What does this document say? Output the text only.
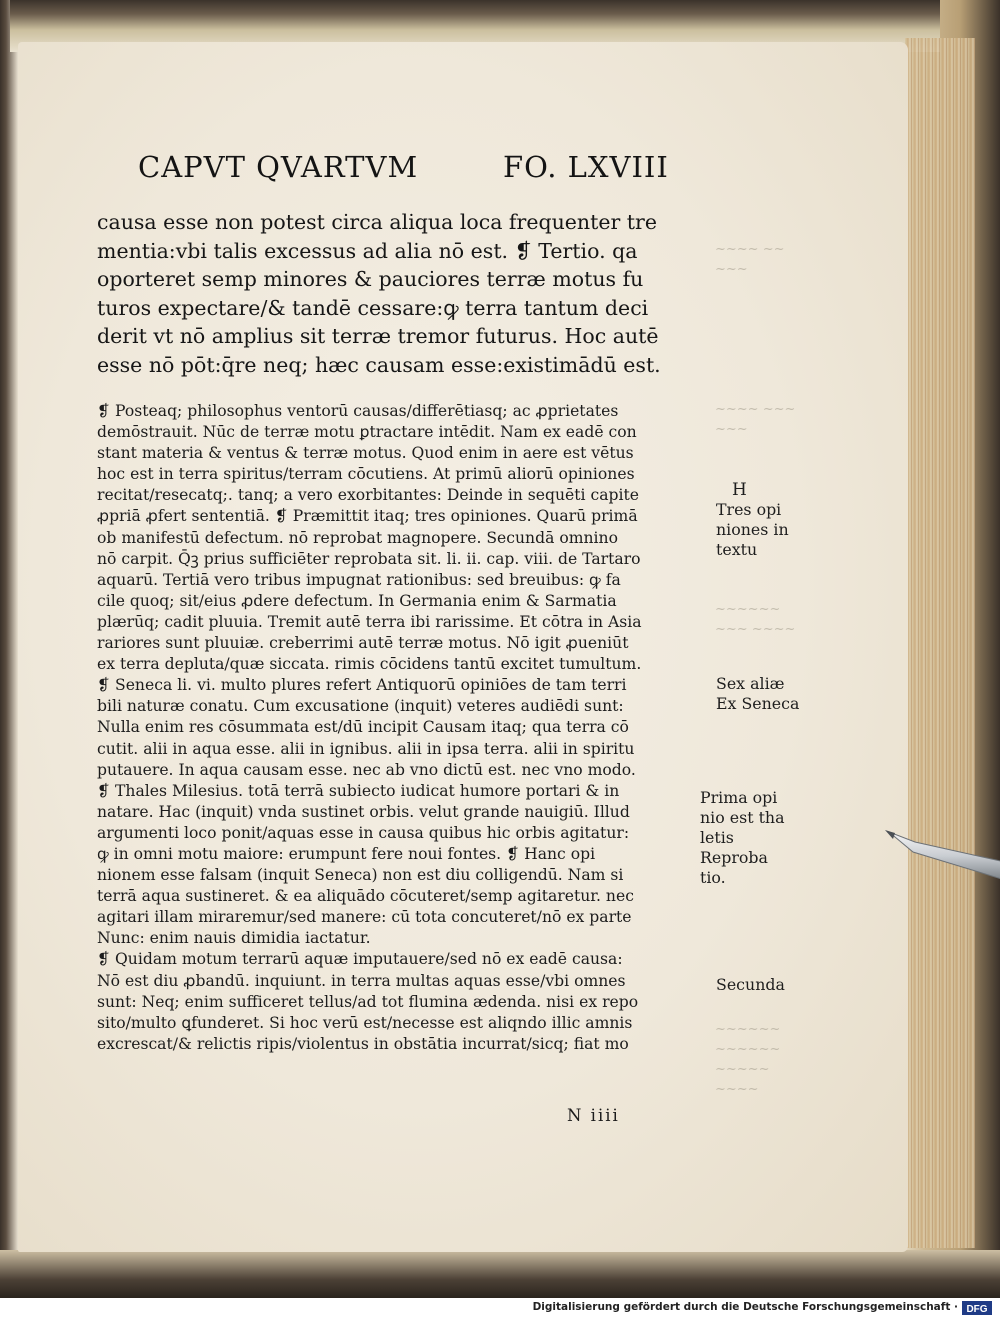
CAPVT QVARTVM	FO. LXVIII
causa esse non potest circa aliqua loca frequenter tre
mentia:vbi talis excessus ad alia nō est. ❡ Tertio. qa
oporteret semp minores & pauciores terræ motus fu
turos expectare/& tandē cessare:ꝙ terra tantum deci
derit vt nō amplius sit terræ tremor futurus. Hoc autē
esse nō pōt:q̄re neq; hæc causam esse:existimādū est.
❡ Posteaq; philosophus ventorū causas/differētiasq; ac ꝓprietates
demōstrauit. Nūc de terræ motu ꝑtractare intēdit. Nam ex eadē con
stant materia & ventus & terræ motus. Quod enim in aere est vētus
hoc est in terra spiritus/terram cōcutiens. At primū aliorū opiniones
recitat/resecatq;. tanq; a vero exorbitantes: Deinde in sequēti capite
ꝓpriā ꝓfert sententiā. ❡ Præmittit itaq; tres opiniones. Quarū primā
ob manifestū defectum. nō reprobat magnopere. Secundā omnino
nō carpit. Q̄ꝫ prius sufficiēter reprobata sit. li. ii. cap. viii. de Tartaro
aquarū. Tertiā vero tribus impugnat rationibus: sed breuibus: ꝙ fa
cile quoq; sit/eius ꝓdere defectum. In Germania enim & Sarmatia
plærūq; cadit pluuia. Tremit autē terra ibi rarissime. Et cōtra in Asia
rariores sunt pluuiæ. creberrimi autē terræ motus. Nō igit ꝓueniūt
ex terra depluta/quæ siccata. rimis cōcidens tantū excitet tumultum.
❡ Seneca li. vi. multo plures refert Antiquorū opiniōes de tam terri
bili naturæ conatu. Cum excusatione (inquit) veteres audiēdi sunt:
Nulla enim res cōsummata est/dū incipit Causam itaq; qua terra cō
cutit. alii in aqua esse. alii in ignibus. alii in ipsa terra. alii in spiritu
putauere. In aqua causam esse. nec ab vno dictū est. nec vno modo.
❡ Thales Milesius. totā terrā subiecto iudicat humore portari & in
natare. Hac (inquit) vnda sustinet orbis. velut grande nauigiū. Illud
argumenti loco ponit/aquas esse in causa quibus hic orbis agitatur:
ꝙ in omni motu maiore: erumpunt fere noui fontes. ❡ Hanc opi
nionem esse falsam (inquit Seneca) non est diu colligendū. Nam si
terrā aqua sustineret. & ea aliquādo cōcuteret/semp agitaretur. nec
agitari illam miraremur/sed manere: cū tota concuteret/nō ex parte
Nunc: enim nauis dimidia iactatur.
❡ Quidam motum terrarū aquæ imputauere/sed nō ex eadē causa:
Nō est diu ꝓbandū. inquiunt. in terra multas aquas esse/vbi omnes
sunt: Neq; enim sufficeret tellus/ad tot flumina ædenda. nisi ex repo
sito/multo ꝗfunderet. Si hoc verū est/necesse est aliqndo illic amnis
excrescat/& relictis ripis/violentus in obstātia incurrat/sicq; fiat mo
H
Tres opi
niones in
textu
Sex aliæ
Ex Seneca
Prima opi
nio est tha
letis
Reproba
tio.
Secunda
~~~~ ~~
~~~
~~~~ ~~~
~~~
~~~~~~
~~~ ~~~~
~~~~~~
~~~~~~
~~~~~
~~~~
N iiii
Digitalisierung gefördert durch die Deutsche Forschungsgemeinschaft · DFG
